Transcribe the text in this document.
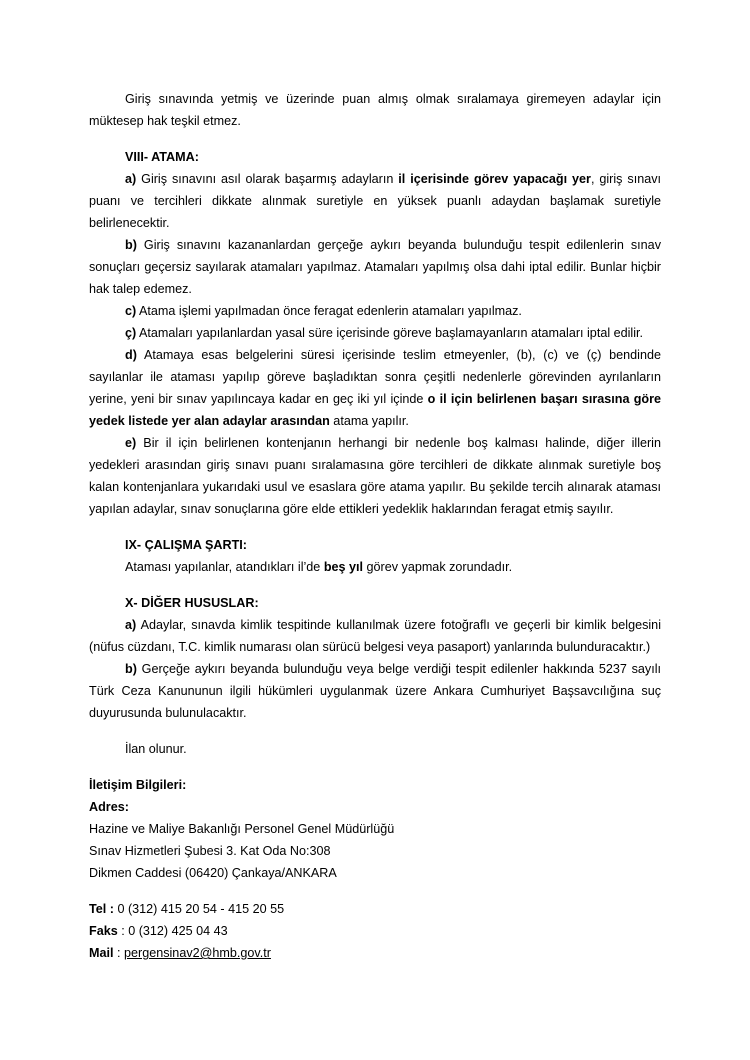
Giriş sınavında yetmiş ve üzerinde puan almış olmak sıralamaya giremeyen adaylar için müktesep hak teşkil etmez.

VIII- ATAMA:

a) Giriş sınavını asıl olarak başarmış adayların il içerisinde görev yapacağı yer, giriş sınavı puanı ve tercihleri dikkate alınmak suretiyle en yüksek puanlı adaydan başlamak suretiyle belirlenecektir.

b) Giriş sınavını kazananlardan gerçeğe aykırı beyanda bulunduğu tespit edilenlerin sınav sonuçları geçersiz sayılarak atamaları yapılmaz. Atamaları yapılmış olsa dahi iptal edilir. Bunlar hiçbir hak talep edemez.

c) Atama işlemi yapılmadan önce feragat edenlerin atamaları yapılmaz.

ç) Atamaları yapılanlardan yasal süre içerisinde göreve başlamayanların atamaları iptal edilir.

d) Atamaya esas belgelerini süresi içerisinde teslim etmeyenler, (b), (c) ve (ç) bendinde sayılanlar ile ataması yapılıp göreve başladıktan sonra çeşitli nedenlerle görevinden ayrılanların yerine, yeni bir sınav yapılıncaya kadar en geç iki yıl içinde o il için belirlenen başarı sırasına göre yedek listede yer alan adaylar arasından atama yapılır.

e) Bir il için belirlenen kontenjanın herhangi bir nedenle boş kalması halinde, diğer illerin yedekleri arasından giriş sınavı puanı sıralamasına göre tercihleri de dikkate alınmak suretiyle boş kalan kontenjanlara yukarıdaki usul ve esaslara göre atama yapılır. Bu şekilde tercih alınarak ataması yapılan adaylar, sınav sonuçlarına göre elde ettikleri yedeklik haklarından feragat etmiş sayılır.

IX- ÇALIŞMA ŞARTI:

Ataması yapılanlar, atandıkları il’de beş yıl görev yapmak zorundadır.

X- DİĞER HUSUSLAR:

a) Adaylar, sınavda kimlik tespitinde kullanılmak üzere fotoğraflı ve geçerli bir kimlik belgesini (nüfus cüzdanı, T.C. kimlik numarası olan sürücü belgesi veya pasaport) yanlarında bulunduracaktır.)

b) Gerçeğe aykırı beyanda bulunduğu veya belge verdiği tespit edilenler hakkında 5237 sayılı Türk Ceza Kanununun ilgili hükümleri uygulanmak üzere Ankara Cumhuriyet Başsavcılığına suç duyurusunda bulunulacaktır.

İlan olunur.

İletişim Bilgileri:

Adres:

Hazine ve Maliye Bakanlığı Personel Genel Müdürlüğü

Sınav Hizmetleri Şubesi 3. Kat Oda No:308

Dikmen Caddesi (06420) Çankaya/ANKARA

Tel : 0 (312) 415 20 54 - 415 20 55

Faks : 0 (312) 425 04 43

Mail : pergensinav2@hmb.gov.tr
